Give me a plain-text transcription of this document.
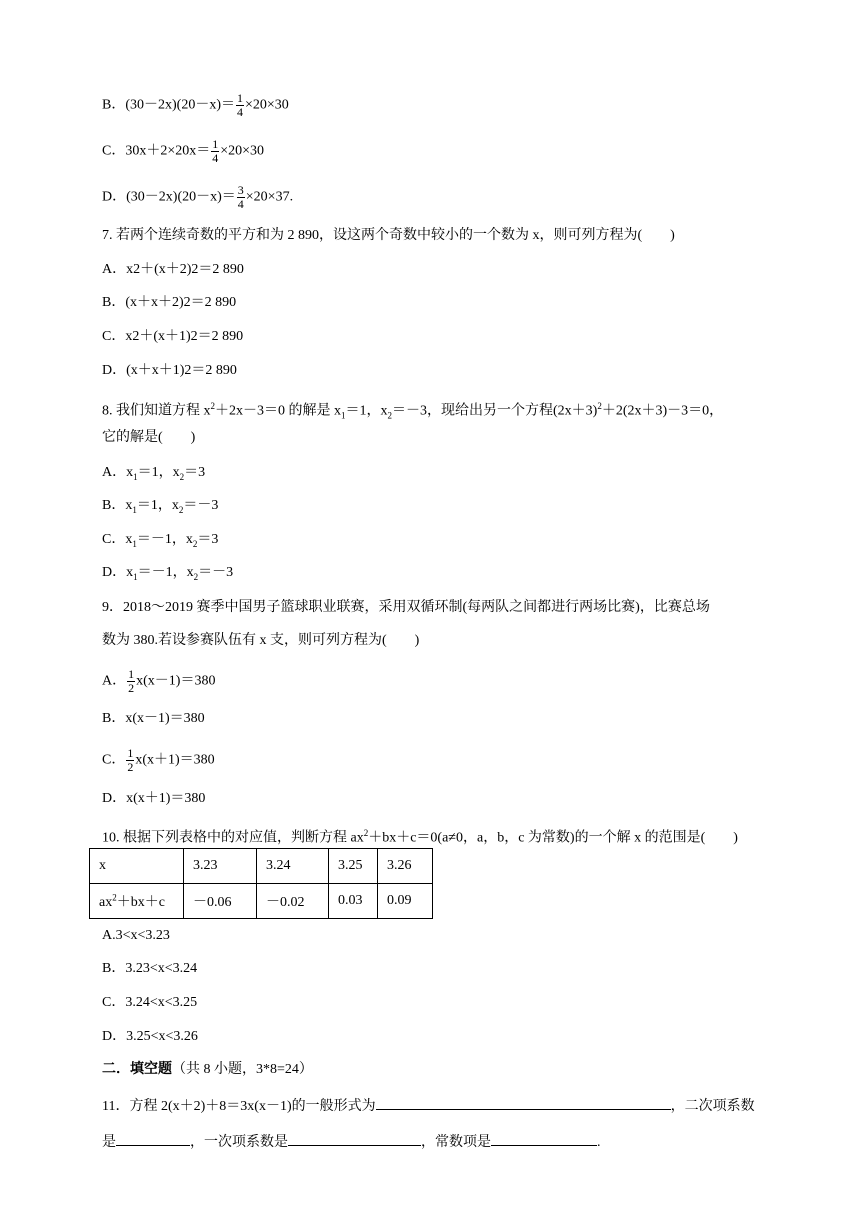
B．$(30-2x)(20-x)= \frac{1}{4} \times 20\times 30$
C．$30x+2\times 20x= \frac{1}{4} \times 20\times 30$
D．$(30-2x)(20-x)= \frac{3}{4} \times 20\times 37$.
7. 若两个连续奇数的平方和为 2 890，设这两个奇数中较小的一个数为 x，则可列方程为(　　)
A．x2＋(x＋2)2＝2 890
B．(x＋x＋2)2＝2 890
C．x2＋(x＋1)2＝2 890
D．(x＋x＋1)2＝2 890
8. 我们知道方程 $x^2+2x-3=0$ 的解是 $x_1=1$，$x_2=-3$，现给出另一个方程$(2x+3)^2+2(2x+3)-3=0$，
它的解是(　　)
A．$x_1=1$，$x_2=3$
B．$x_1=1$，$x_2=-3$
C．$x_1=-1$，$x_2=3$
D．$x_1=-1$，$x_2=-3$
9．2018～2019 赛季中国男子篮球职业联赛，采用双循环制(每两队之间都进行两场比赛)，比赛总场
数为 380.若设参赛队伍有 x 支，则可列方程为(　　)
A． $\frac{1}{2} x(x-1)=380$
B．x(x－1)＝380
C． $\frac{1}{2} x(x+1)=380$
D．x(x＋1)＝380
10. 根据下列表格中的对应值，判断方程 $ax^2+bx+c=0(a\ne 0$，a，b，c 为常数)的一个解 x 的范围是(　　)
x	3.23	3.24	3.25	3.26
$ax^2+bx+c$	－0.06	－0.02	0.03	0.09
A.3<x<3.23
B．3.23<x<3.24
C．3.24<x<3.25
D．3.25<x<3.26
二．填空题（共 8 小题，3*8=24）
11．方程 2(x＋2)＋8＝3x(x－1)的一般形式为	，二次项系数
是	，一次项系数是	，常数项是	.
